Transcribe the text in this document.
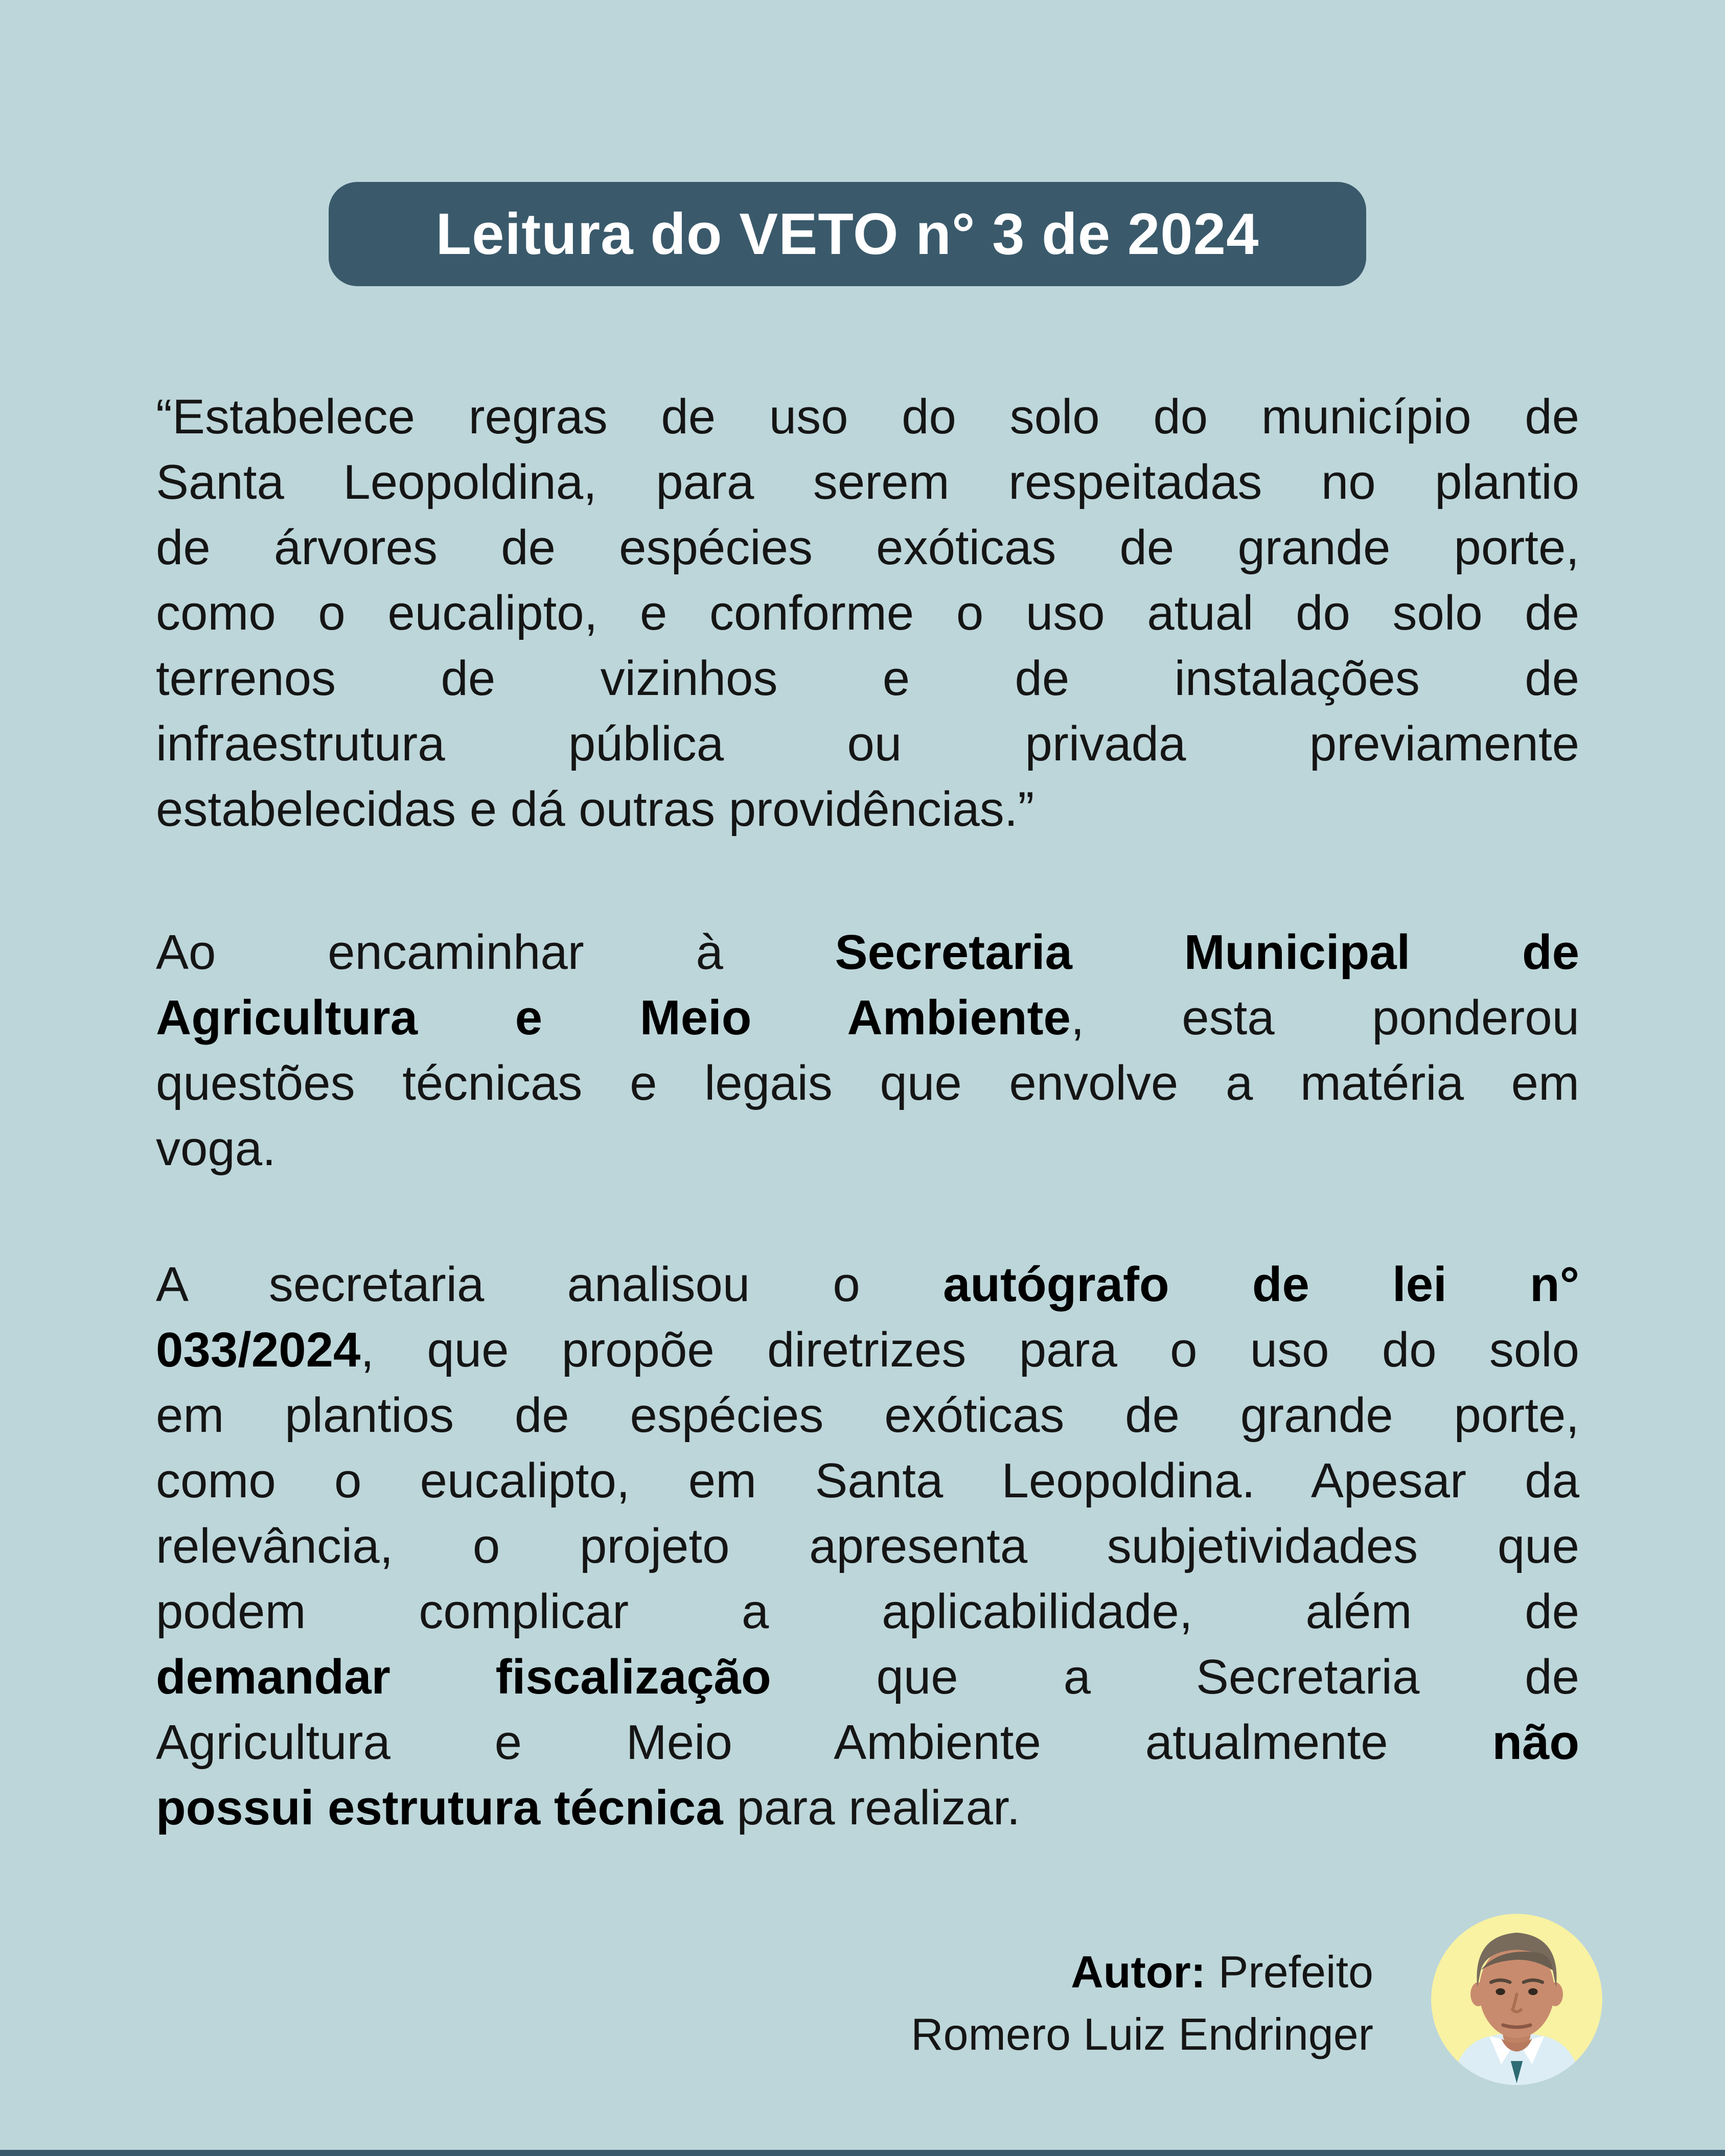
Leitura do VETO n° 3 de 2024
“Estabelece regras de uso do solo do município de
Santa Leopoldina, para serem respeitadas no plantio
de árvores de espécies exóticas de grande porte,
como o eucalipto, e conforme o uso atual do solo de
terrenos de vizinhos e de instalações de
infraestrutura pública ou privada previamente
estabelecidas e dá outras providências.”
Ao encaminhar à Secretaria Municipal de
Agricultura e Meio Ambiente, esta ponderou
questões técnicas e legais que envolve a matéria em
voga.
A secretaria analisou o autógrafo de lei n°
033/2024, que propõe diretrizes para o uso do solo
em plantios de espécies exóticas de grande porte,
como o eucalipto, em Santa Leopoldina. Apesar da
relevância, o projeto apresenta subjetividades que
podem complicar a aplicabilidade, além de
demandar fiscalização que a Secretaria de
Agricultura e Meio Ambiente atualmente não
possui estrutura técnica para realizar.
Autor: Prefeito
Romero Luiz Endringer
